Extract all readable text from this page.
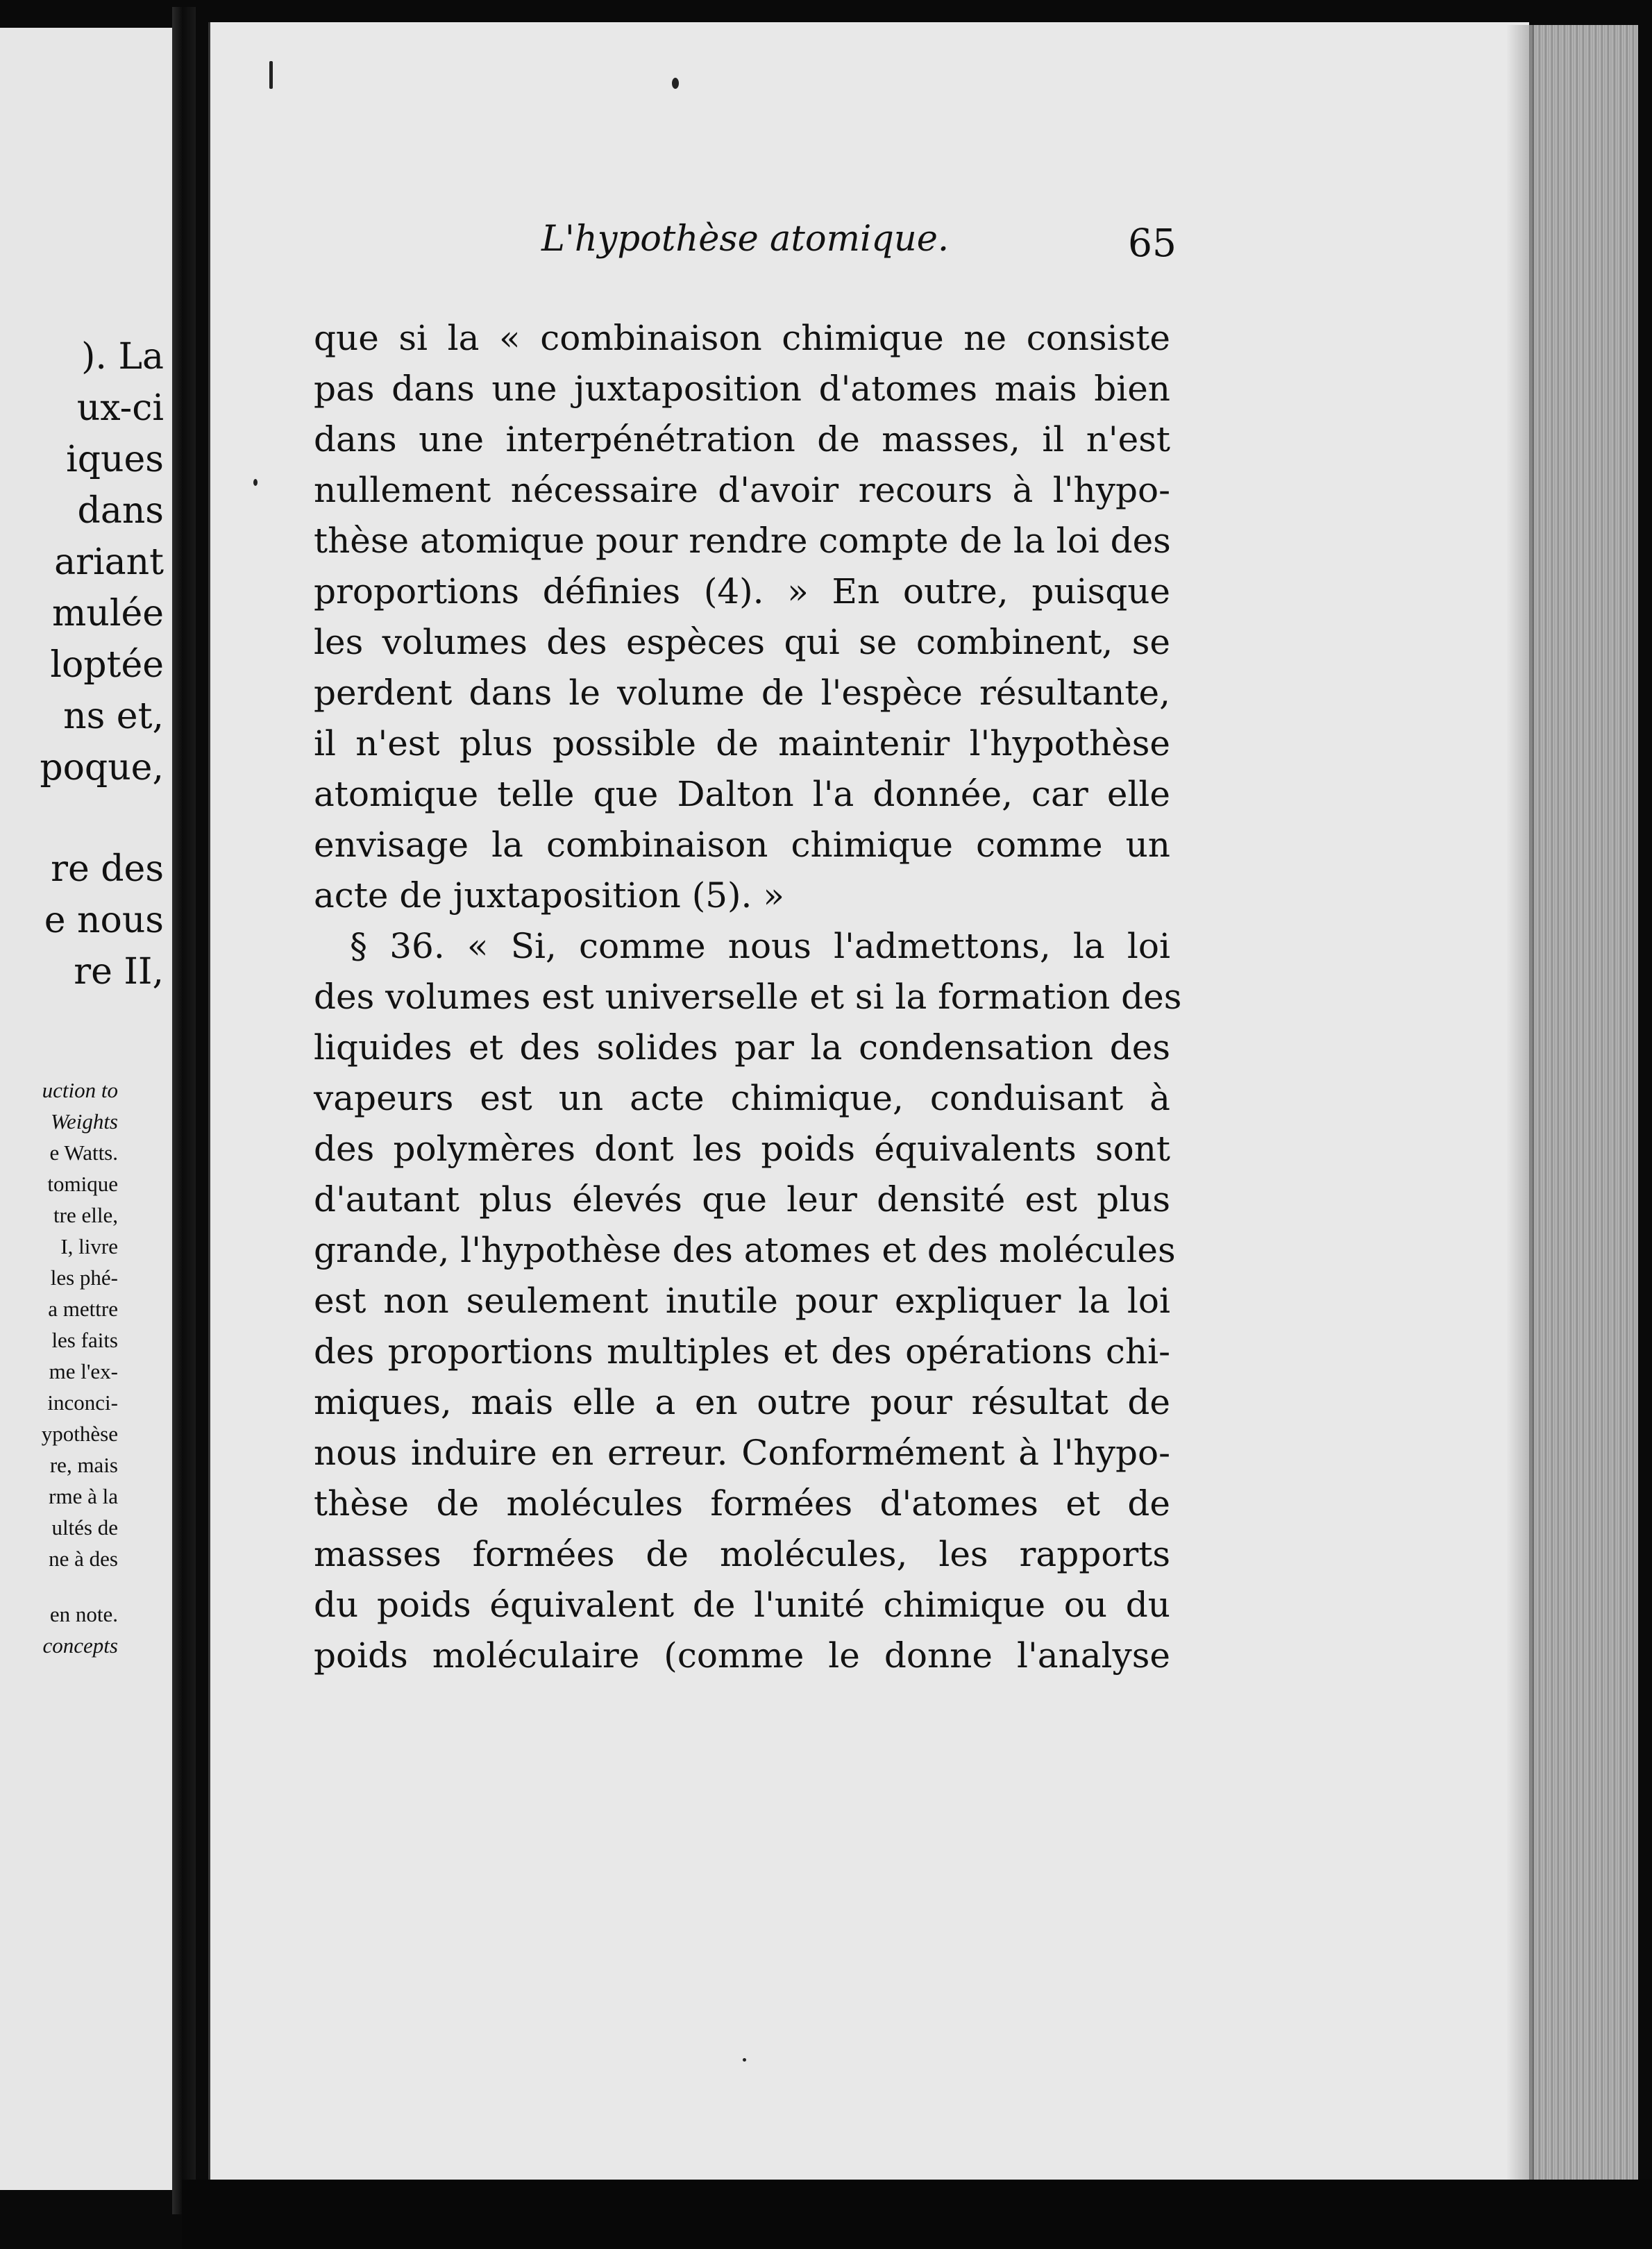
). La
ux-ci
iques
dans
ariant
mulée
loptée
ns et,
poque,
re des
e nous
re II,
uction to
Weights
e Watts.
tomique
tre elle,
I, livre
les phé-
a mettre
les faits
me l'ex-
inconci-
ypothèse
re, mais
rme à la
ultés de
ne à des
en note.
concepts
L'hypothèse atomique.	65
que si la « combinaison chimique ne consiste
pas dans une juxtaposition d'atomes mais bien
dans une interpénétration de masses, il n'est
nullement nécessaire d'avoir recours à l'hypo-
thèse atomique pour rendre compte de la loi des
proportions définies (4). » En outre, puisque
les volumes des espèces qui se combinent, se
perdent dans le volume de l'espèce résultante,
il n'est plus possible de maintenir l'hypothèse
atomique telle que Dalton l'a donnée, car elle
envisage la combinaison chimique comme un
acte de juxtaposition (5). »
§ 36. « Si, comme nous l'admettons, la loi
des volumes est universelle et si la formation des
liquides et des solides par la condensation des
vapeurs est un acte chimique, conduisant à
des polymères dont les poids équivalents sont
d'autant plus élevés que leur densité est plus
grande, l'hypothèse des atomes et des molécules
est non seulement inutile pour expliquer la loi
des proportions multiples et des opérations chi-
miques, mais elle a en outre pour résultat de
nous induire en erreur. Conformément à l'hypo-
thèse de molécules formées d'atomes et de
masses formées de molécules, les rapports
du poids équivalent de l'unité chimique ou du
poids moléculaire (comme le donne l'analyse
